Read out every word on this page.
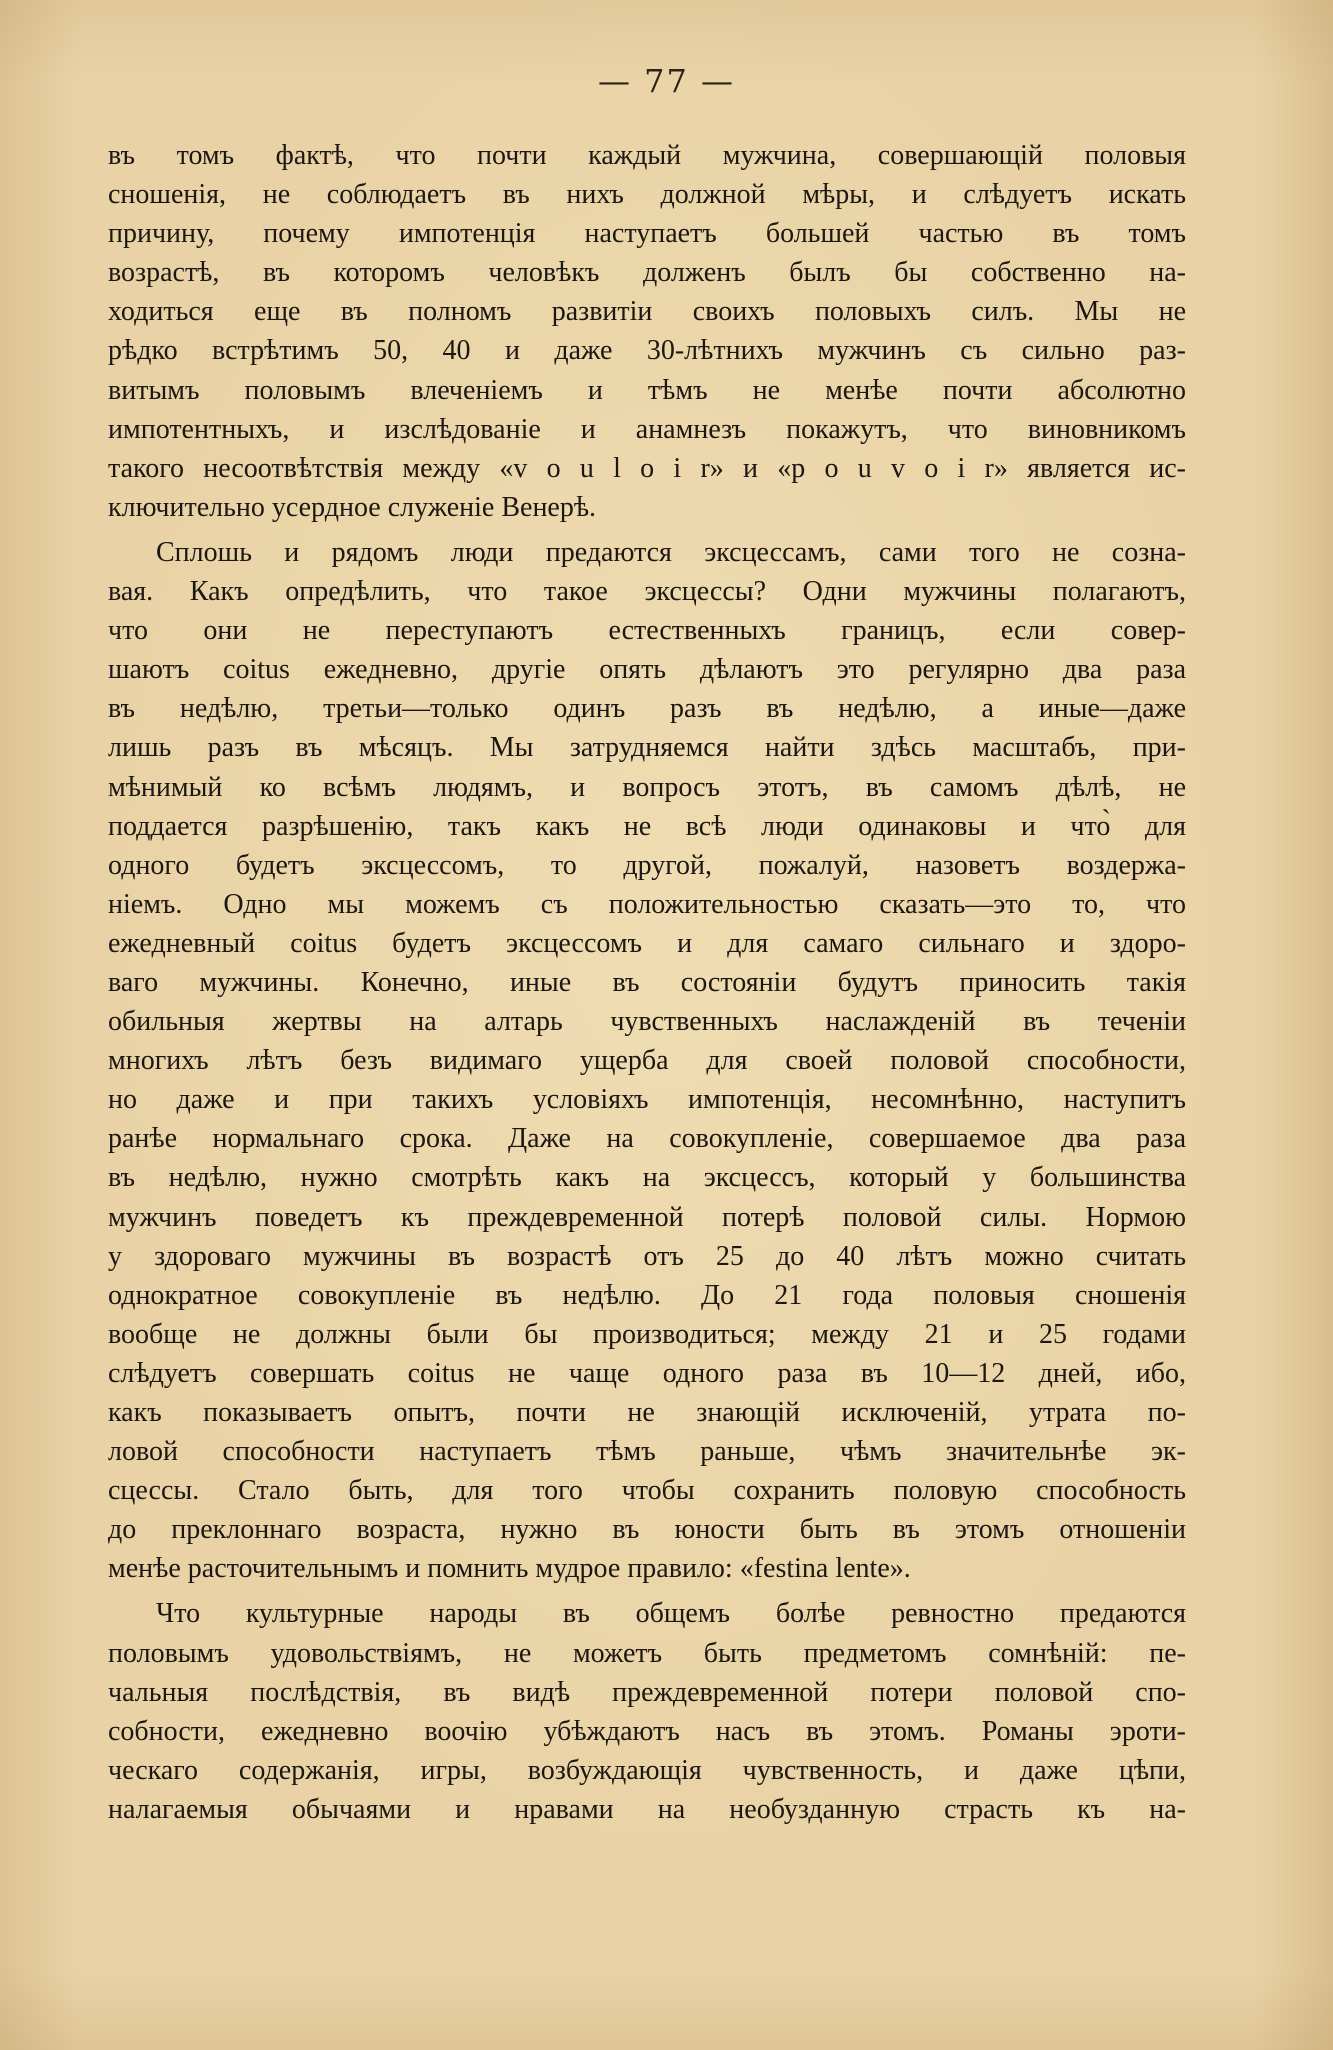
— 77 —
въ томъ фактѣ, что почти каждый мужчина, совершающій половыя
сношенія, не соблюдаетъ въ нихъ должной мѣры, и слѣдуетъ искать
причину, почему импотенція наступаетъ большей частью въ томъ
возрастѣ, въ которомъ человѣкъ долженъ былъ бы собственно на-
ходиться еще въ полномъ развитіи своихъ половыхъ силъ. Мы не
рѣдко встрѣтимъ 50, 40 и даже 30-лѣтнихъ мужчинъ съ сильно раз-
витымъ половымъ влеченіемъ и тѣмъ не менѣе почти абсолютно
импотентныхъ, и изслѣдованіе и анамнезъ покажутъ, что виновникомъ
такого несоотвѣтствія между «v o u l o i r» и «p o u v o i r» является ис-
ключительно усердное служеніе Венерѣ.
Сплошь и рядомъ люди предаются эксцессамъ, сами того не созна-
вая. Какъ опредѣлить, что такое эксцессы? Одни мужчины полагаютъ,
что они не переступаютъ естественныхъ границъ, если совер-
шаютъ coitus ежедневно, другіе опять дѣлаютъ это регулярно два раза
въ недѣлю, третьи—только одинъ разъ въ недѣлю, а иные—даже
лишь разъ въ мѣсяцъ. Мы затрудняемся найти здѣсь масштабъ, при-
мѣнимый ко всѣмъ людямъ, и вопросъ этотъ, въ самомъ дѣлѣ, не
поддается разрѣшенію, такъ какъ не всѣ люди одинаковы и что̀ для
одного будетъ эксцессомъ, то другой, пожалуй, назоветъ воздержа-
ніемъ. Одно мы можемъ съ положительностью сказать—это то, что
ежедневный coitus будетъ эксцессомъ и для самаго сильнаго и здоро-
ваго мужчины. Конечно, иные въ состояніи будутъ приносить такія
обильныя жертвы на алтарь чувственныхъ наслажденій въ теченіи
многихъ лѣтъ безъ видимаго ущерба для своей половой способности,
но даже и при такихъ условіяхъ импотенція, несомнѣнно, наступитъ
ранѣе нормальнаго срока. Даже на совокупленіе, совершаемое два раза
въ недѣлю, нужно смотрѣть какъ на эксцессъ, который у большинства
мужчинъ поведетъ къ преждевременной потерѣ половой силы. Нормою
у здороваго мужчины въ возрастѣ отъ 25 до 40 лѣтъ можно считать
однократное совокупленіе въ недѣлю. До 21 года половыя сношенія
вообще не должны были бы производиться; между 21 и 25 годами
слѣдуетъ совершать coitus не чаще одного раза въ 10—12 дней, ибо,
какъ показываетъ опытъ, почти не знающій исключеній, утрата по-
ловой способности наступаетъ тѣмъ раньше, чѣмъ значительнѣе эк-
сцессы. Стало быть, для того чтобы сохранить половую способность
до преклоннаго возраста, нужно въ юности быть въ этомъ отношеніи
менѣе расточительнымъ и помнить мудрое правило: «festina lente».
Что культурные народы въ общемъ болѣе ревностно предаются
половымъ удовольствіямъ, не можетъ быть предметомъ сомнѣній: пе-
чальныя послѣдствія, въ видѣ преждевременной потери половой спо-
собности, ежедневно воочію убѣждаютъ насъ въ этомъ. Романы эроти-
ческаго содержанія, игры, возбуждающія чувственность, и даже цѣпи,
налагаемыя обычаями и нравами на необузданную страсть къ на-
